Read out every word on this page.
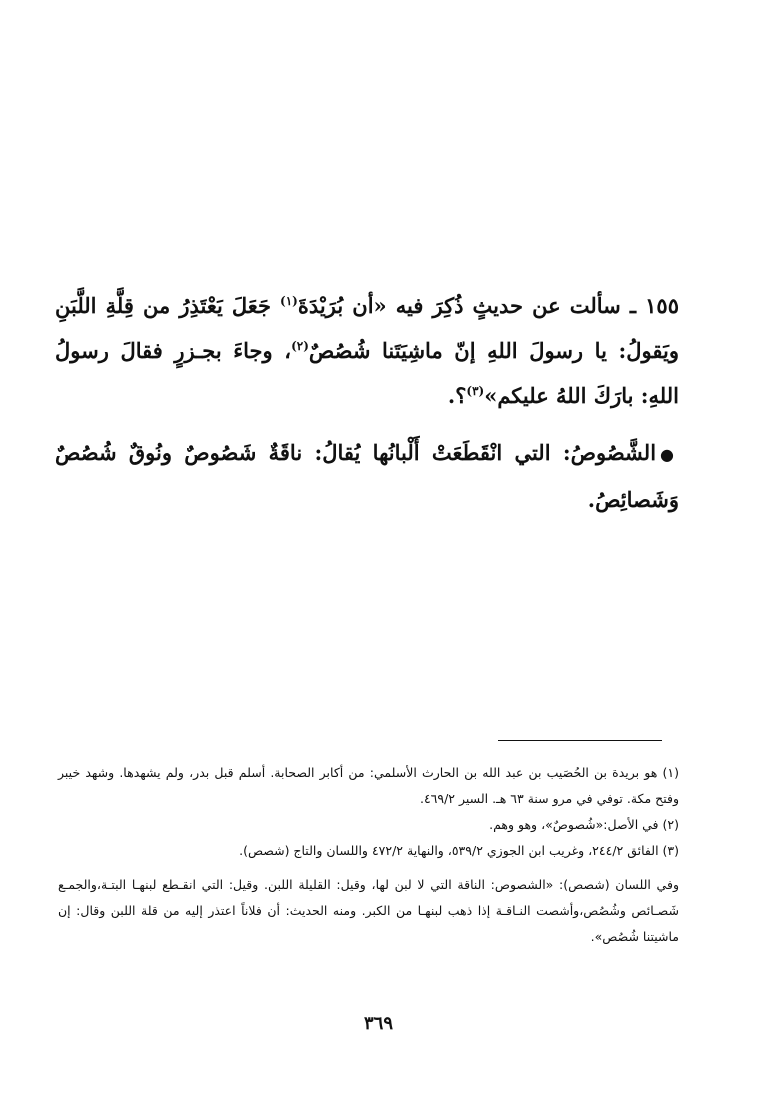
١٥٥ ـ سألت عن حديثٍ ذُكِرَ فيه «أن بُرَيْدَةَ$^{(١)}$ جَعَلَ يَعْتَذِرُ من قِلَّةِ اللَّبَنِ ويَقولُ: يا رسولَ اللهِ إنّ ماشِيَتَنا شُصُصٌ$^{(٢)}$، وجاءَ بجـزرٍ فقالَ رسولُ اللهِ: بارَكَ اللهُ عليكم»$^{(٣)}$؟.

●الشَّصُوصُ: التي انْقَطَعَتْ أَلْبانُها يُقالُ: ناقَةٌ شَصُوصٌ ونُوقٌ شُصُصٌ وَشَصائِصُ.

(١) هو بريدة بن الحُصَيب بن عبد الله بن الحارث الأسلمي: من أكابر الصحابة. أسلم قبل بدر، ولم يشهدها. وشهد خيبر وفتح مكة. توفي في مرو سنة ٦٣ هـ. السير ٤٦٩/٢.

(٢) في الأصل:«شُصوصٌ»، وهو وهم.

(٣) الفائق ٢٤٤/٢، وغريب ابن الجوزي ٥٣٩/٢، والنهاية ٤٧٢/٢ واللسان والتاج (شصص).

وفي اللسان (شصص): «الشصوص: الناقة التي لا لبن لها، وقيل: القليلة اللبن. وقيل: التي انقـطع لبنهـا البتـة،والجمـع شَصـائص وشُصُص،وأشصت النـاقـة إذا ذهب لبنهـا من الكبر. ومنه الحديث: أن فلاناً اعتذر إليه من قلة اللبن وقال: إن ماشيتنا شُصُص».

٣٦٩
